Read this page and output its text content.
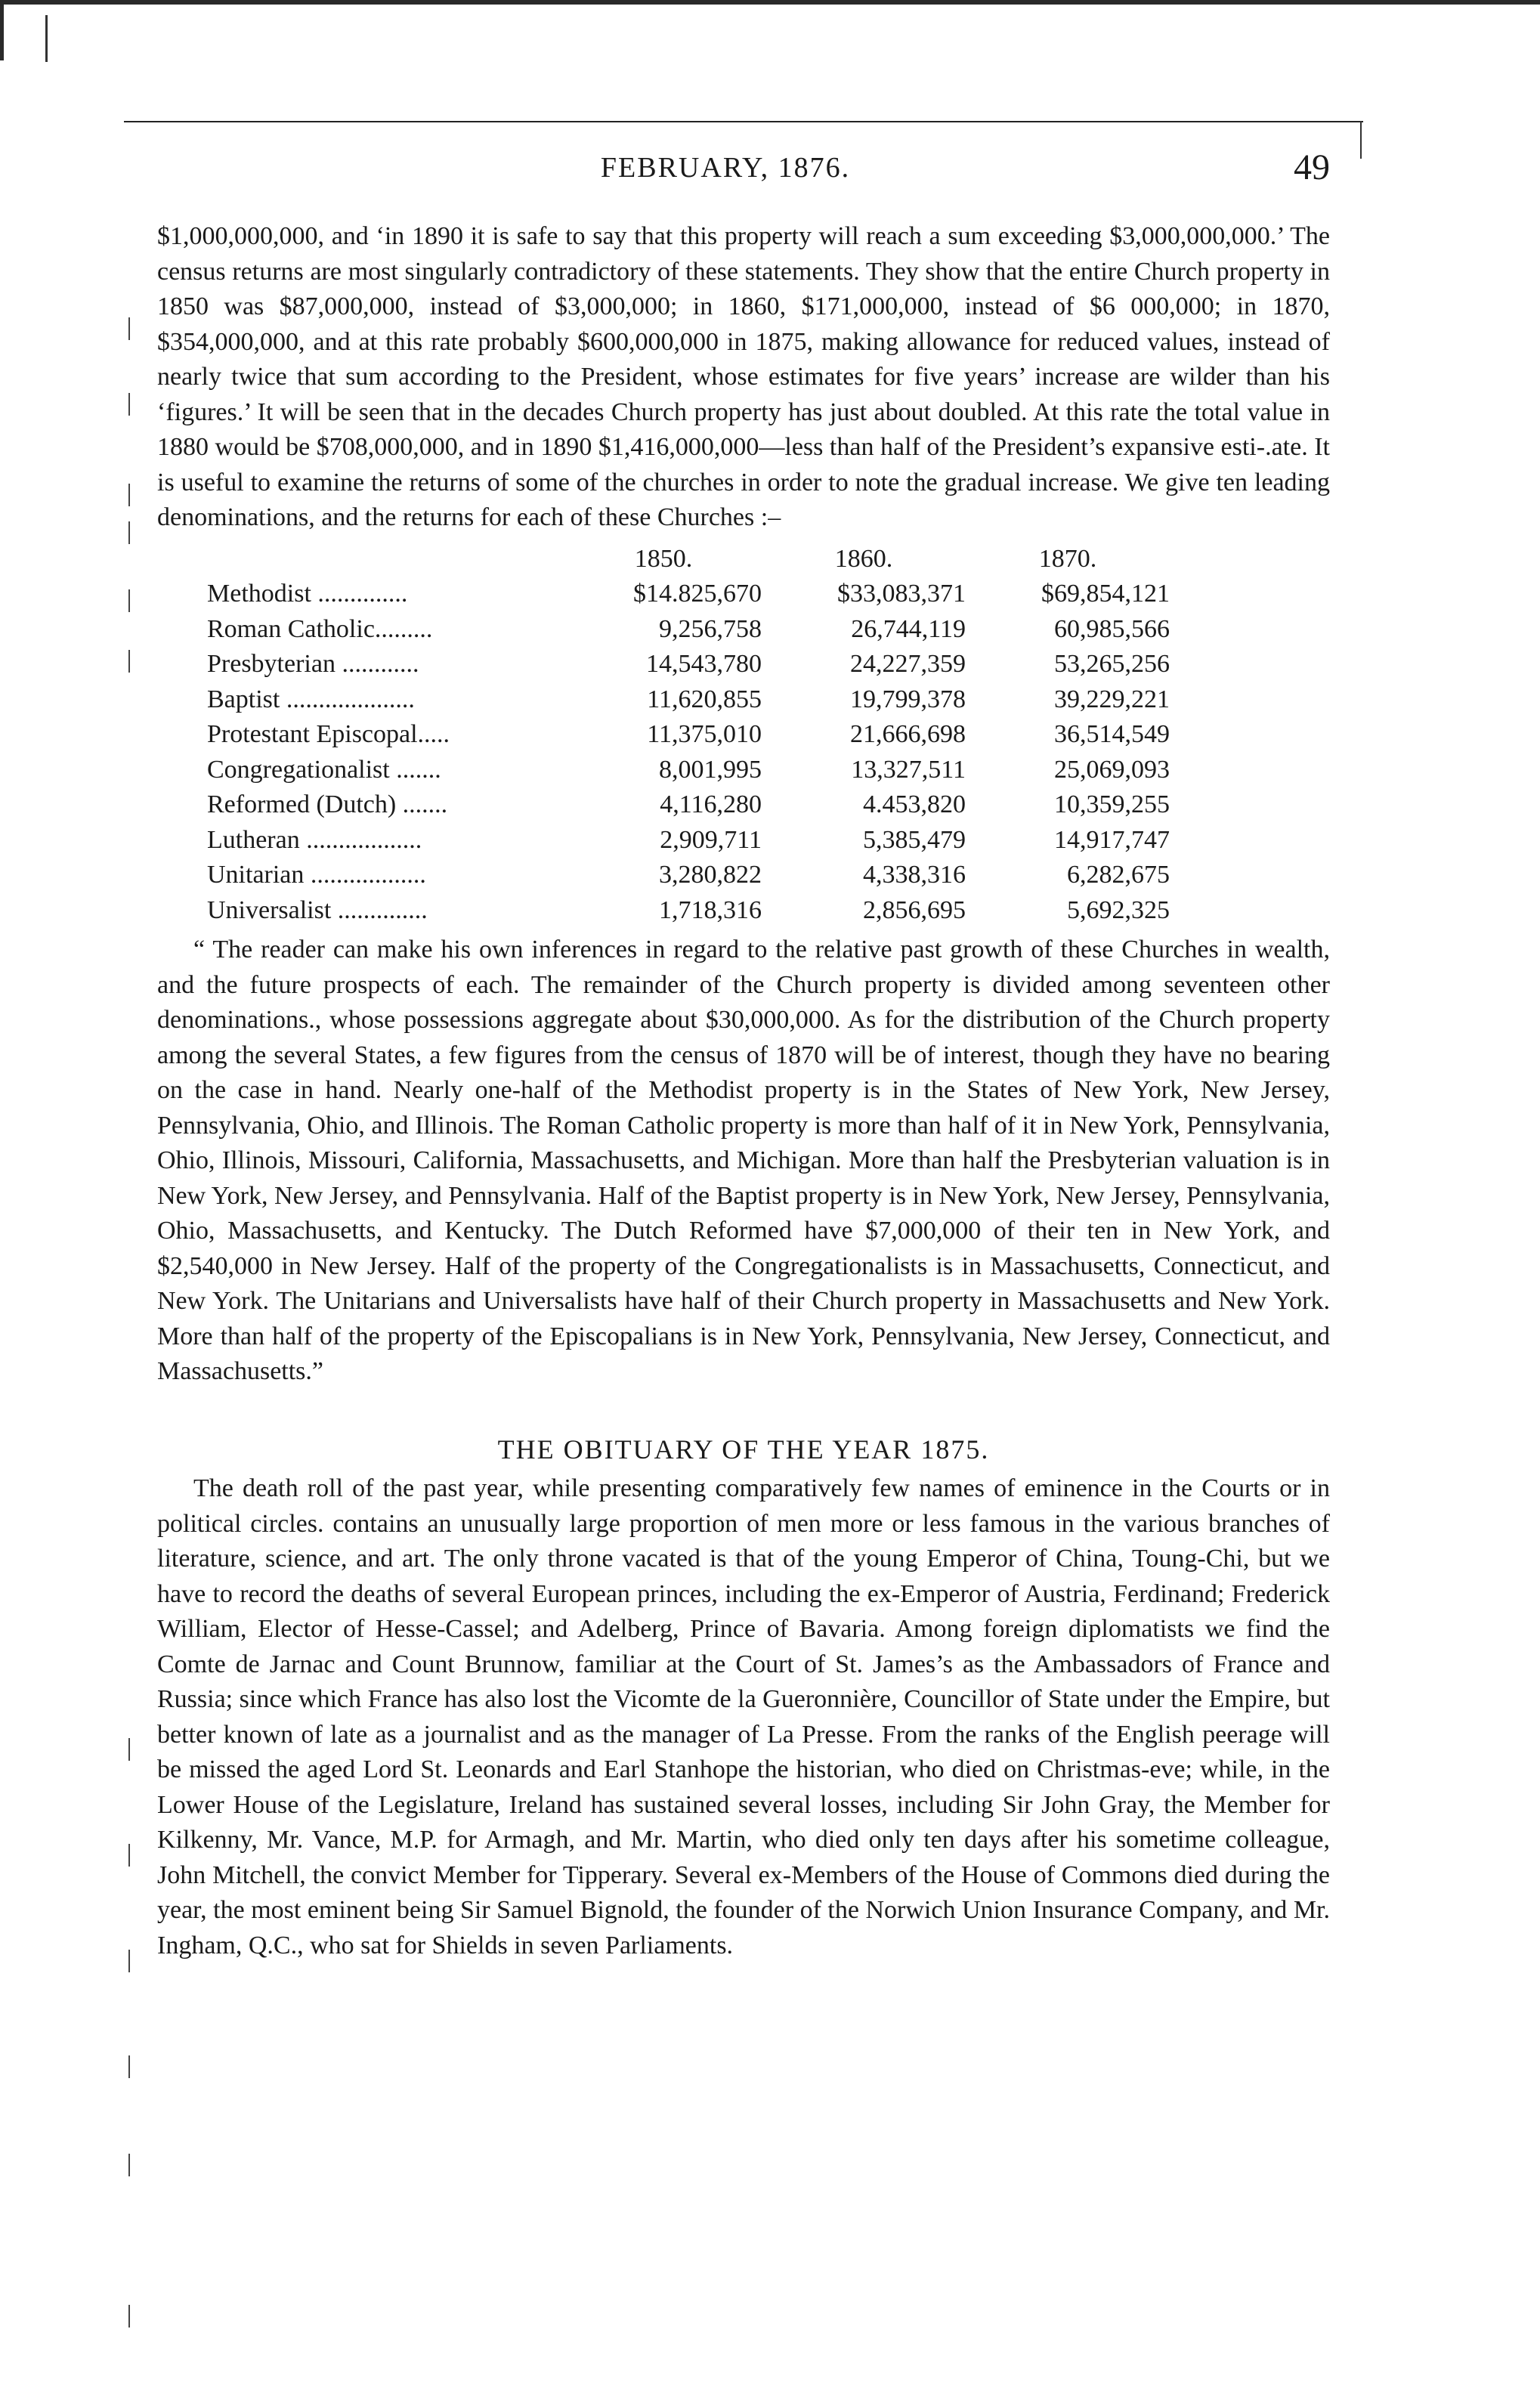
FEBRUARY, 1876.	49

$1,000,000,000, and ‘in 1890 it is safe to say that this property will reach a sum exceeding $3,000,000,000.’ The census returns are most singularly contradictory of these statements. They show that the entire Church property in 1850 was $87,000,000, instead of $3,000,000; in 1860, $171,000,000, instead of $6 000,000; in 1870, $354,000,000, and at this rate probably $600,000,000 in 1875, making allowance for reduced values, instead of nearly twice that sum according to the President, whose estimates for five years’ increase are wilder than his ‘figures.’ It will be seen that in the decades Church property has just about doubled. At this rate the total value in 1880 would be $708,000,000, and in 1890 $1,416,000,000—less than half of the President’s expansive esti-.ate. It is useful to examine the returns of some of the churches in order to note the gradual increase. We give ten leading denominations, and the returns for each of these Churches :–

1850.	1860.	1870.
Methodist ..............	$14.825,670	$33,083,371	$69,854,121
Roman Catholic.........	9,256,758	26,744,119	60,985,566
Presbyterian ............	14,543,780	24,227,359	53,265,256
Baptist ....................	11,620,855	19,799,378	39,229,221
Protestant Episcopal.....	11,375,010	21,666,698	36,514,549
Congregationalist .......	8,001,995	13,327,511	25,069,093
Reformed (Dutch) .......	4,116,280	4.453,820	10,359,255
Lutheran ..................	2,909,711	5,385,479	14,917,747
Unitarian ..................	3,280,822	4,338,316	6,282,675
Universalist ..............	1,718,316	2,856,695	5,692,325

“ The reader can make his own inferences in regard to the relative past growth of these Churches in wealth, and the future prospects of each. The remainder of the Church property is divided among seventeen other denominations., whose possessions aggregate about $30,000,000. As for the distribution of the Church property among the several States, a few figures from the census of 1870 will be of interest, though they have no bearing on the case in hand. Nearly one-half of the Methodist property is in the States of New York, New Jersey, Pennsylvania, Ohio, and Illinois. The Roman Catholic property is more than half of it in New York, Pennsylvania, Ohio, Illinois, Missouri, California, Massachusetts, and Michigan. More than half the Presbyterian valuation is in New York, New Jersey, and Pennsylvania. Half of the Baptist property is in New York, New Jersey, Pennsylvania, Ohio, Massachusetts, and Kentucky. The Dutch Reformed have $7,000,000 of their ten in New York, and $2,540,000 in New Jersey. Half of the property of the Congregationalists is in Massachusetts, Connecticut, and New York. The Unitarians and Universalists have half of their Church property in Massachusetts and New York. More than half of the property of the Episcopalians is in New York, Pennsylvania, New Jersey, Connecticut, and Massachusetts.”

THE OBITUARY OF THE YEAR 1875.

The death roll of the past year, while presenting comparatively few names of eminence in the Courts or in political circles. contains an unusually large proportion of men more or less famous in the various branches of literature, science, and art. The only throne vacated is that of the young Emperor of China, Toung-Chi, but we have to record the deaths of several European princes, including the ex-Emperor of Austria, Ferdinand; Frederick William, Elector of Hesse-Cassel; and Adelberg, Prince of Bavaria. Among foreign diplomatists we find the Comte de Jarnac and Count Brunnow, familiar at the Court of St. James’s as the Ambassadors of France and Russia; since which France has also lost the Vicomte de la Gueronnière, Councillor of State under the Empire, but better known of late as a journalist and as the manager of La Presse. From the ranks of the English peerage will be missed the aged Lord St. Leonards and Earl Stanhope the historian, who died on Christmas-eve; while, in the Lower House of the Legislature, Ireland has sustained several losses, including Sir John Gray, the Member for Kilkenny, Mr. Vance, M.P. for Armagh, and Mr. Martin, who died only ten days after his sometime colleague, John Mitchell, the convict Member for Tipperary. Several ex-Members of the House of Commons died during the year, the most eminent being Sir Samuel Bignold, the founder of the Norwich Union Insurance Company, and Mr. Ingham, Q.C., who sat for Shields in seven Parliaments.
